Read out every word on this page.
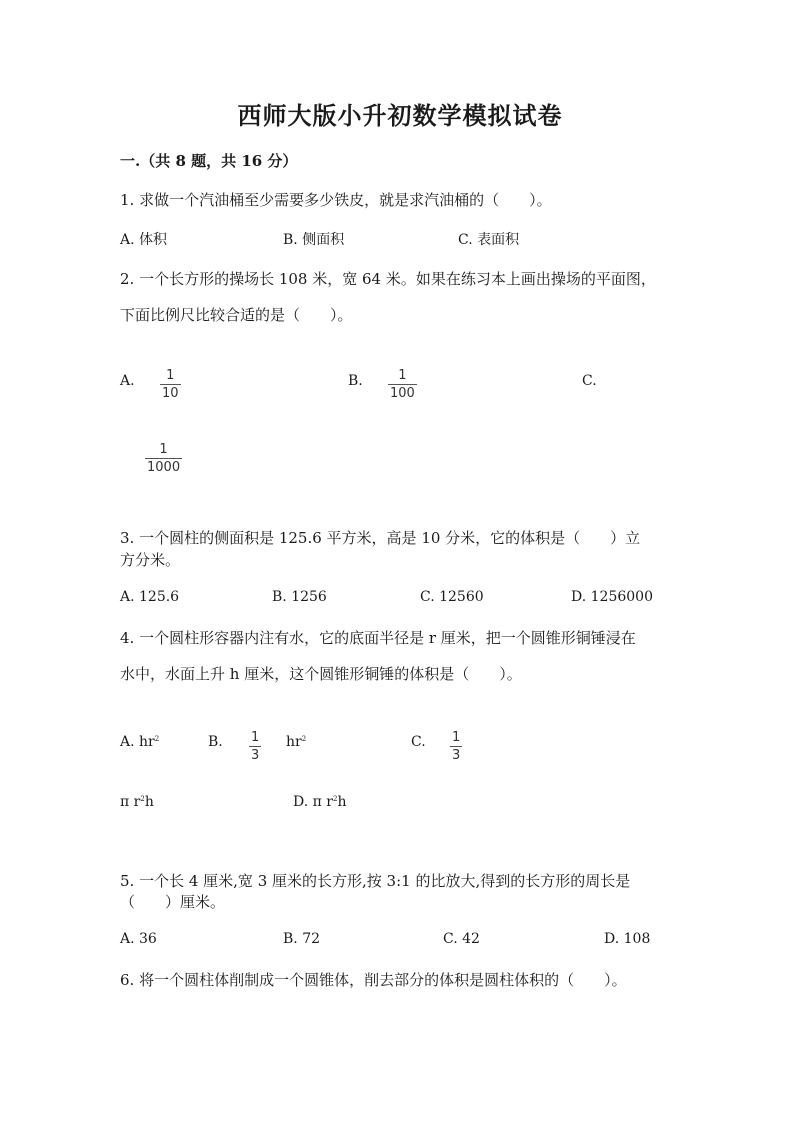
西师大版小升初数学模拟试卷
一.（共 8 题，共 16 分）
1. 求做一个汽油桶至少需要多少铁皮，就是求汽油桶的（　　）。
A. 体积	B. 侧面积	C. 表面积
2. 一个长方形的操场长 108 米，宽 64 米。如果在练习本上画出操场的平面图，
下面比例尺比较合适的是（　　）。
A. 1
10
B.	1
100
C.
1
1000
3. 一个圆柱的侧面积是 125.6 平方米，高是 10 分米，它的体积是（　　）立
方分米。
A. 125.6	B. 1256	C. 12560	D. 1256000
4. 一个圆柱形容器内注有水，它的底面半径是 r 厘米，把一个圆锥形铜锤浸在
水中，水面上升 h 厘米，这个圆锥形铜锤的体积是（　　）。
A. $hr^2$	B. 1
3
$hr^2$	C. 1
3
π $r^2h$	D. π $r^2h$
5. 一个长 4 厘米,宽 3 厘米的长方形,按 3:1 的比放大,得到的长方形的周长是
（　　）厘米。
A. 36	B. 72	C. 42	D. 108
6. 将一个圆柱体削制成一个圆锥体，削去部分的体积是圆柱体积的（　　）。
